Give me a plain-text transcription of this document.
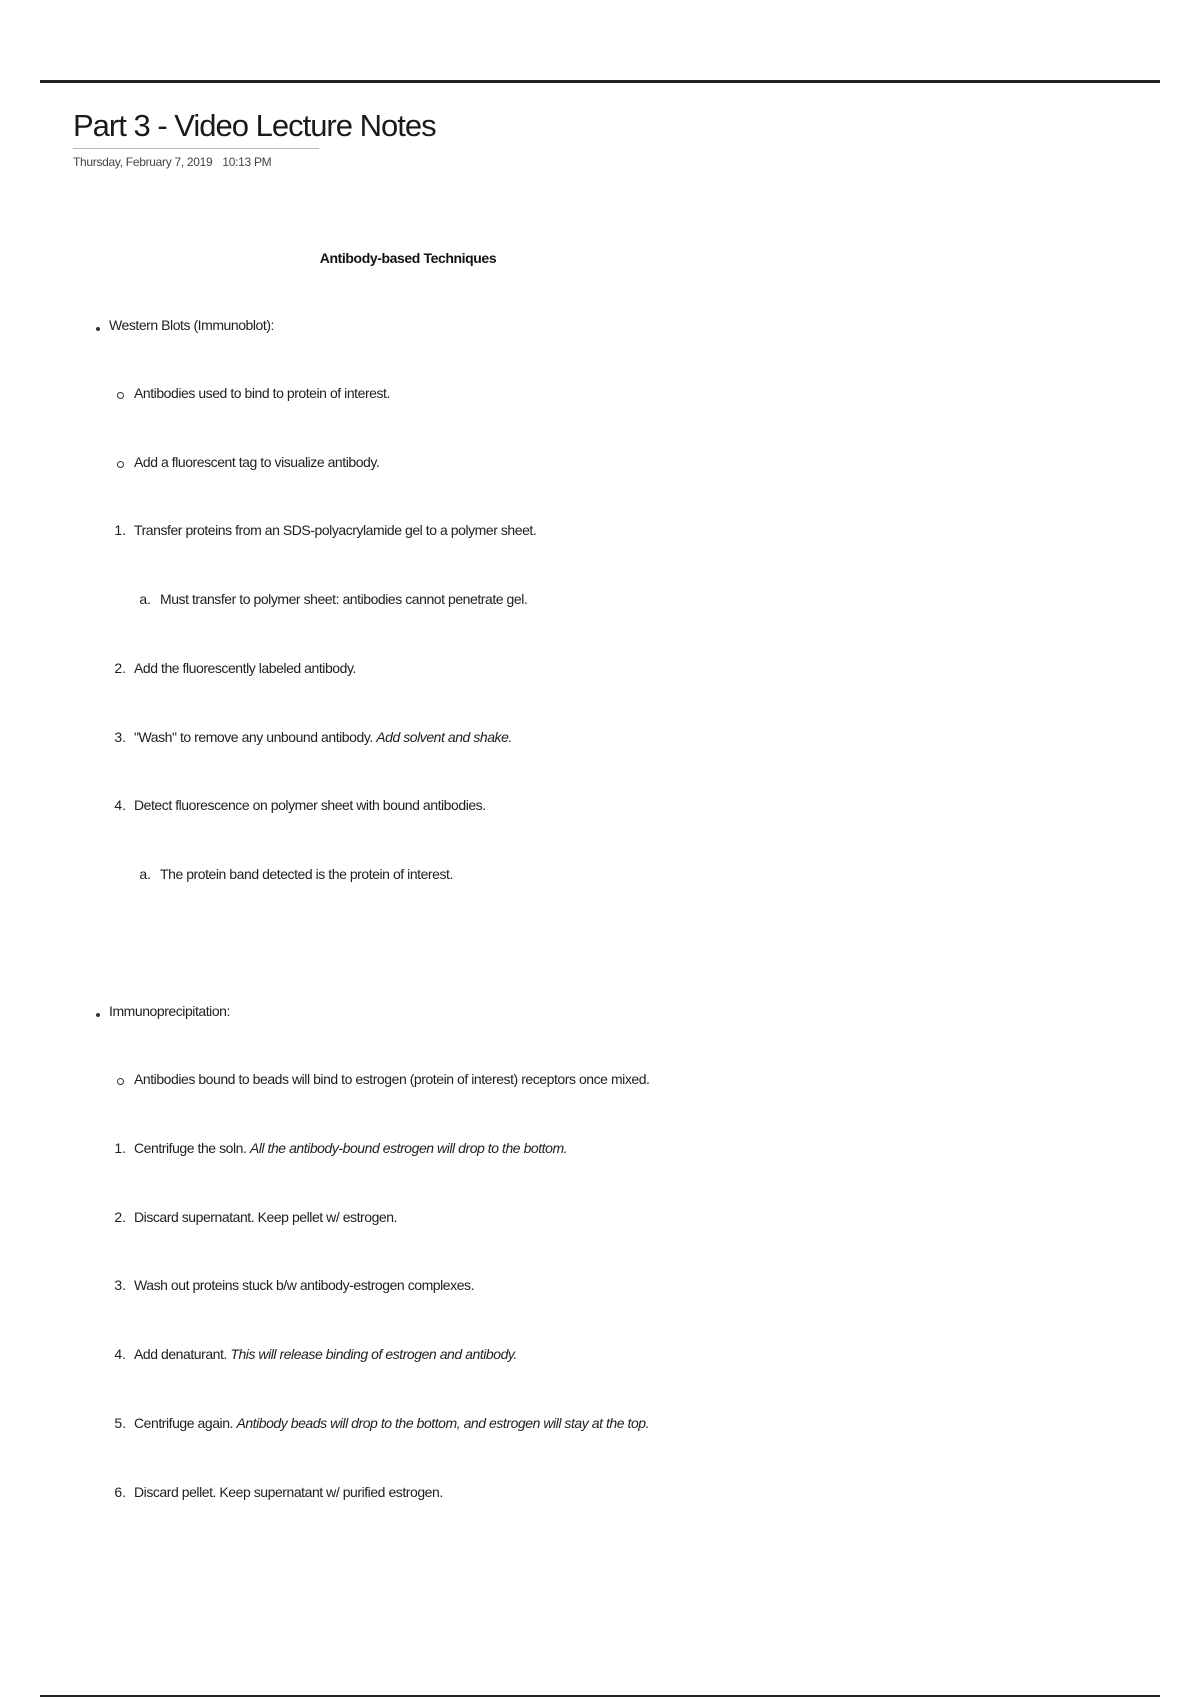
Part 3 - Video Lecture Notes
Thursday, February 7, 2019 10:13 PM
Antibody-based Techniques
Western Blots (Immunoblot):
Antibodies used to bind to protein of interest.
Add a fluorescent tag to visualize antibody.
1. Transfer proteins from an SDS-polyacrylamide gel to a polymer sheet.
a. Must transfer to polymer sheet: antibodies cannot penetrate gel.
2. Add the fluorescently labeled antibody.
3. "Wash" to remove any unbound antibody. Add solvent and shake.
4. Detect fluorescence on polymer sheet with bound antibodies.
a. The protein band detected is the protein of interest.
Immunoprecipitation:
Antibodies bound to beads will bind to estrogen (protein of interest) receptors once mixed.
1. Centrifuge the soln. All the antibody-bound estrogen will drop to the bottom.
2. Discard supernatant. Keep pellet w/ estrogen.
3. Wash out proteins stuck b/w antibody-estrogen complexes.
4. Add denaturant. This will release binding of estrogen and antibody.
5. Centrifuge again. Antibody beads will drop to the bottom, and estrogen will stay at the top.
6. Discard pellet. Keep supernatant w/ purified estrogen.
